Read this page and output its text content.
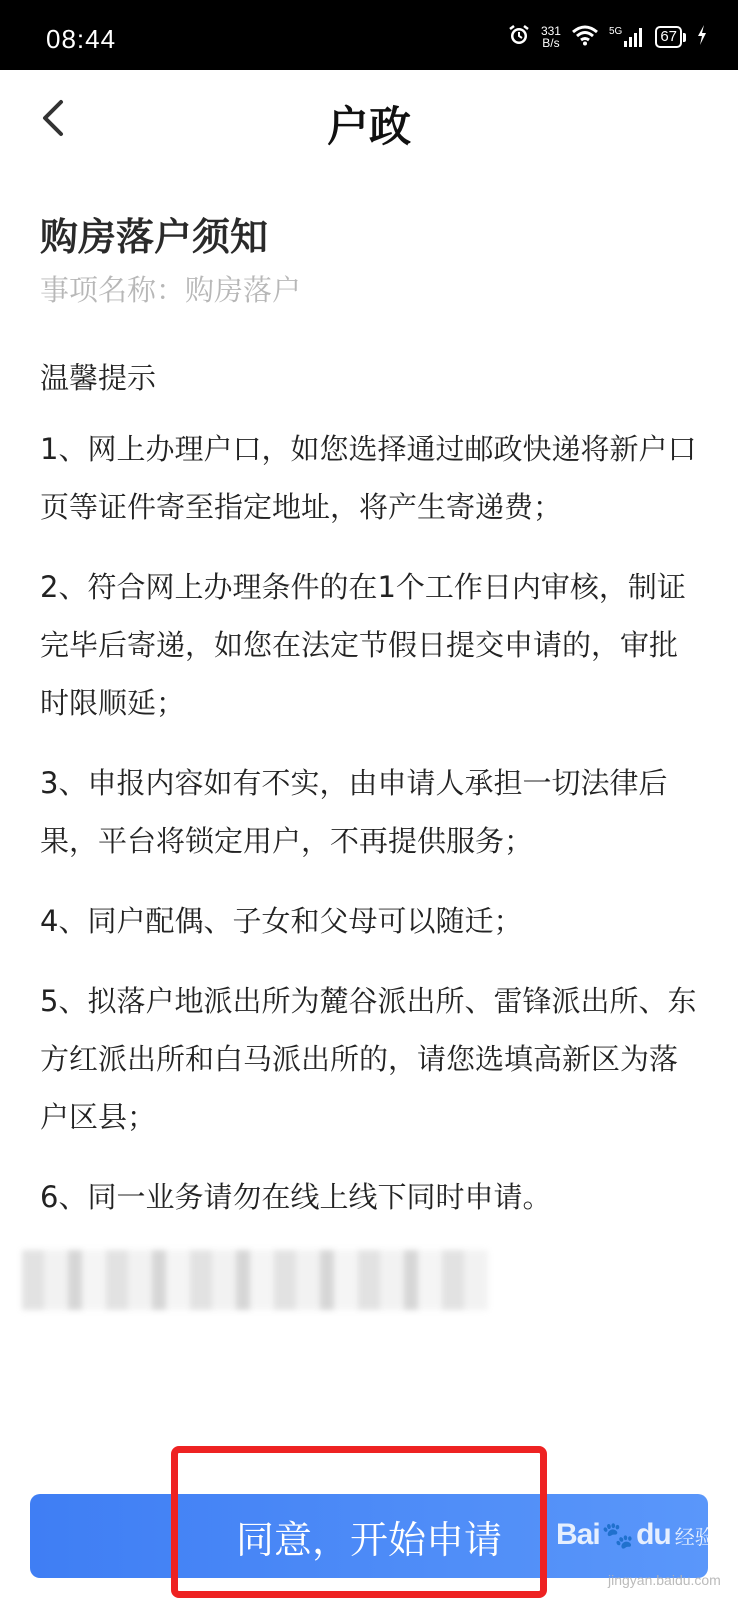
08:44	331
B/s
5G	67
户政
购房落户须知
事项名称：购房落户
温馨提示
1、网上办理户口，如您选择通过邮政快递将新户口页等证件寄至指定地址，将产生寄递费；
2、符合网上办理条件的在1个工作日内审核，制证完毕后寄递，如您在法定节假日提交申请的，审批时限顺延；
3、申报内容如有不实，由申请人承担一切法律后果，平台将锁定用户，不再提供服务；
4、同户配偶、子女和父母可以随迁；
5、拟落户地派出所为麓谷派出所、雷锋派出所、东方红派出所和白马派出所的，请您选填高新区为落户区县；
6、同一业务请勿在线上线下同时申请。
同意，开始申请	Bai 🐾 du 经验
jingyan.baidu.com
